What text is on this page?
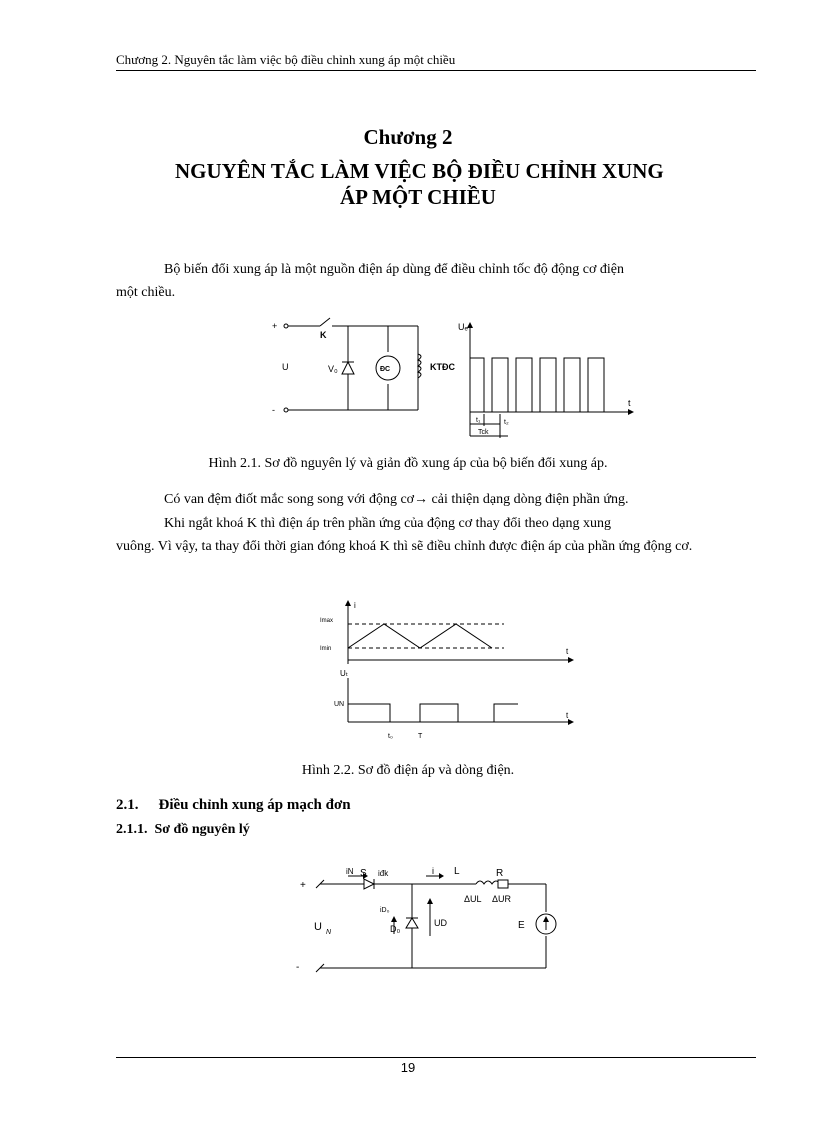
Chương 2. Nguyên tắc làm việc bộ điều chỉnh xung áp một chiều
Chương 2
NGUYÊN TẮC LÀM VIỆC BỘ ĐIỀU CHỈNH XUNG
ÁP MỘT CHIỀU
Bộ biến đổi xung áp là một nguồn điện áp dùng để điều chỉnh tốc độ động cơ điện
một chiều.
+
-
K
U	V₀	ĐC	KTĐC
Uₑ
t
t₁	t₂
Tck
Hình 2.1. Sơ đồ nguyên lý và giản đồ xung áp của bộ biến đổi xung áp.
Có van đệm điốt mắc song song với động cơ→ cải thiện dạng dòng điện phần ứng.
Khi ngắt khoá K thì điện áp trên phần ứng của động cơ thay đổi theo dạng xung
vuông. Vì vậy, ta thay đổi thời gian đóng khoá K thì sẽ điều chỉnh được điện áp của phần ứng động cơ.
i
Imax
Imin	t
Uₜ
UN
t
t₀	T
Hình 2.2. Sơ đồ điện áp và dòng điện.
2.1. Điều chỉnh xung áp mạch đơn
2.1.1. Sơ đồ nguyên lý
+
-
iN S iđk	i L	R
ΔUL ΔUR
U N
iD₀
D₀
UD	E
19
